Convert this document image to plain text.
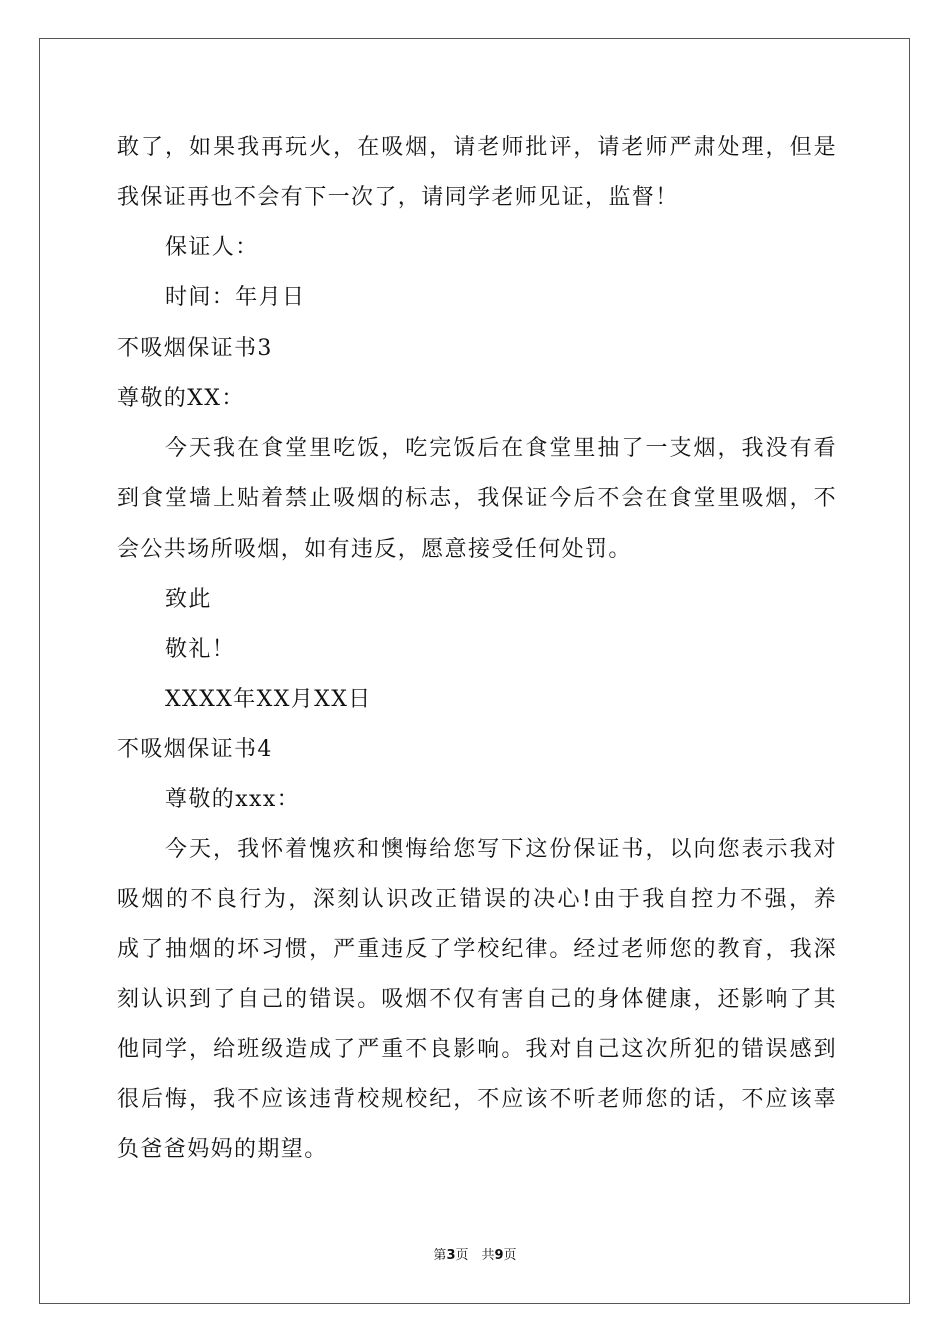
敢了，如果我再玩火，在吸烟，请老师批评，请老师严肃处理，但是
我保证再也不会有下一次了，请同学老师见证，监督！
保证人：
时间：年月日
不吸烟保证书3
尊敬的XX：
今天我在食堂里吃饭，吃完饭后在食堂里抽了一支烟，我没有看
到食堂墙上贴着禁止吸烟的标志，我保证今后不会在食堂里吸烟，不
会公共场所吸烟，如有违反，愿意接受任何处罚。
致此
敬礼！
XXXX年XX月XX日
不吸烟保证书4
尊敬的xxx：
今天，我怀着愧疚和懊悔给您写下这份保证书，以向您表示我对
吸烟的不良行为，深刻认识改正错误的决心!由于我自控力不强，养
成了抽烟的坏习惯，严重违反了学校纪律。经过老师您的教育，我深
刻认识到了自己的错误。吸烟不仅有害自己的身体健康，还影响了其
他同学，给班级造成了严重不良影响。我对自己这次所犯的错误感到
很后悔，我不应该违背校规校纪，不应该不听老师您的话，不应该辜
负爸爸妈妈的期望。
第3页　共9页
